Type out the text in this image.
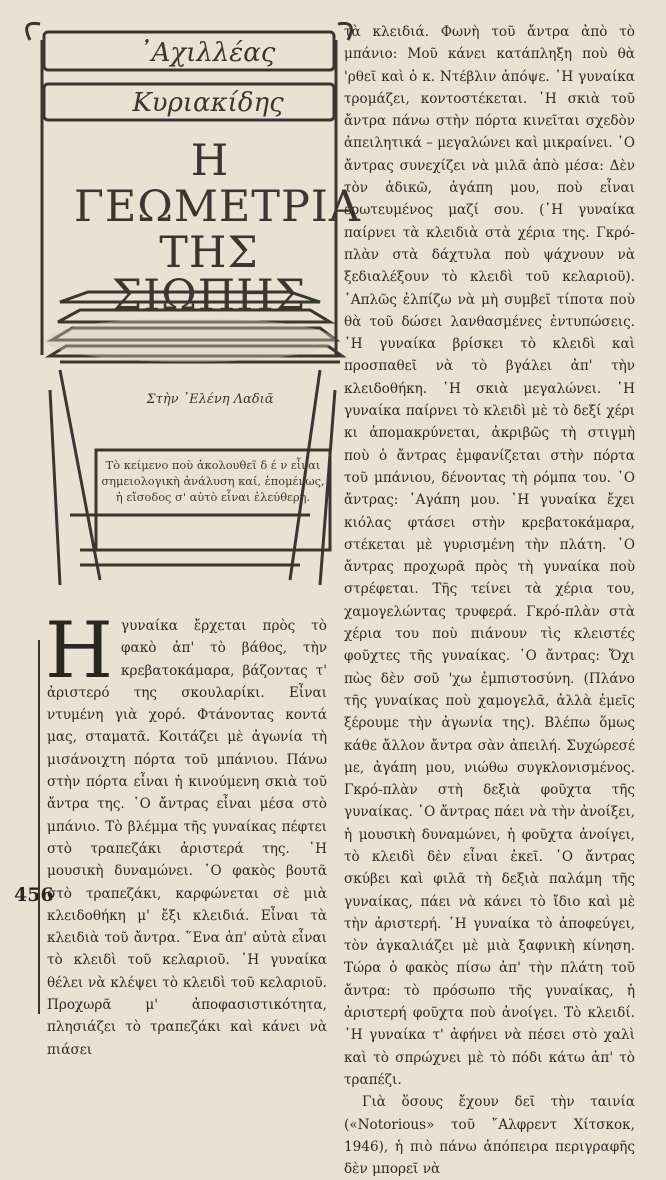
᾿Αχιλλέας
Κυριακίδης
Η
ΓΕΩΜΕΤΡΙΑ
ΤΗΣ ΣΙΩΠΗΣ
Στὴν ᾿Ελένη Λαδιᾶ
Τὸ κείμενο ποὺ ἀκολουθεῖ δ έ ν εἶναι σημειολογικὴ ἀνάλυση καί, ἑπομένως, ἡ εἴσοδος σ' αὐτὸ εἶναι ἐλεύθερη.

Ηγυναίκα ἔρχεται πρὸς τὸ φακὸ ἀπ' τὸ βάθος, τὴν κρεβατοκάμαρα, βάζοντας τ' ἀριστερό της σκουλαρίκι. Εἶναι ντυμένη γιὰ χορό. Φτάνοντας κοντά μας, σταματᾶ. Κοιτάζει μὲ ἀγωνία τὴ μισάνοιχτη πόρτα τοῦ μπάνιου. Πάνω στὴν πόρτα εἶναι ἡ κινούμενη σκιὰ τοῦ ἄντρα της. ῾Ο ἄντρας εἶναι μέσα στὸ μπάνιο. Τὸ βλέμμα τῆς γυναίκας πέφτει στὸ τραπεζάκι ἀριστερά της. ῾Η μουσικὴ δυναμώνει. ῾Ο φακὸς βουτᾶ στὸ τραπεζάκι, καρφώνεται σὲ μιὰ κλειδοθήκη μ' ἔξι κλειδιά. Εἶναι τὰ κλειδιὰ τοῦ ἄντρα. ῞Ενα ἀπ' αὐτὰ εἶναι τὸ κλειδὶ τοῦ κελαριοῦ. ῾Η γυναίκα θέλει νὰ κλέψει τὸ κλειδὶ τοῦ κελαριοῦ. Προχωρᾶ μ' ἀποφασιστικότητα, πλησιάζει τὸ τραπεζάκι καὶ κάνει νὰ πιάσει

τὰ κλειδιά. Φωνὴ τοῦ ἄντρα ἀπὸ τὸ μπάνιο: Μοῦ κάνει κατάπληξη ποὺ θὰ 'ρθεῖ καὶ ὁ κ. Ντέβλιν ἀπόψε. ῾Η γυναίκα τρομάζει, κοντοστέκεται. ῾Η σκιὰ τοῦ ἄντρα πάνω στὴν πόρτα κινεῖται σχεδὸν ἀπειλητικά – μεγαλώνει καὶ μικραίνει. ῾Ο ἄντρας συνεχίζει νὰ μιλᾶ ἀπὸ μέσα: Δὲν τὸν ἀδικῶ, ἀγάπη μου, ποὺ εἶναι ἐρωτευμένος μαζί σου. (῾Η γυναίκα παίρνει τὰ κλειδιὰ στὰ χέρια της. Γκρό-πλὰν στὰ δάχτυλα ποὺ ψάχνουν νὰ ξεδιαλέξουν τὸ κλειδὶ τοῦ κελαριοῦ). ᾿Απλῶς ἐλπίζω νὰ μὴ συμβεῖ τίποτα ποὺ θὰ τοῦ δώσει λανθασμένες ἐντυπώσεις. ῾Η γυναίκα βρίσκει τὸ κλειδὶ καὶ προσπαθεῖ νὰ τὸ βγάλει ἀπ' τὴν κλειδοθήκη. ῾Η σκιὰ μεγαλώνει. ῾Η γυναίκα παίρνει τὸ κλειδὶ μὲ τὸ δεξί χέρι κι ἀπομακρύνεται, ἀκριβῶς τὴ στιγμὴ ποὺ ὁ ἄντρας ἐμφανίζεται στὴν πόρτα τοῦ μπάνιου, δένοντας τὴ ρόμπα του. ῾Ο ἄντρας: ᾿Αγάπη μου. ῾Η γυναίκα ἔχει κιόλας φτάσει στὴν κρεβατοκάμαρα, στέκεται μὲ γυρισμένη τὴν πλάτη. ῾Ο ἄντρας προχωρᾶ πρὸς τὴ γυναίκα ποὺ στρέφεται. Τῆς τείνει τὰ χέρια του, χαμογελώντας τρυφερά. Γκρό-πλὰν στὰ χέρια του ποὺ πιάνουν τὶς κλειστές φοῦχτες τῆς γυναίκας. ῾Ο ἄντρας: Ὄχι πὼς δὲν σοῦ 'χω ἐμπιστοσύνη. (Πλάνο τῆς γυναίκας ποὺ χαμογελᾶ, ἀλλὰ ἐμεῖς ξέρουμε τὴν ἀγωνία της). Βλέπω ὅμως κάθε ἄλλον ἄντρα σὰν ἀπειλή. Συχώρεσέ με, ἀγάπη μου, νιώθω συγκλονισμένος. Γκρό-πλὰν στὴ δεξιὰ φοῦχτα τῆς γυναίκας. ῾Ο ἄντρας πάει νὰ τὴν ἀνοίξει, ἡ μουσικὴ δυναμώνει, ἡ φοῦχτα ἀνοίγει, τὸ κλειδὶ δὲν εἶναι ἐκεῖ. ῾Ο ἄντρας σκύβει καὶ φιλᾶ τὴ δεξιὰ παλάμη τῆς γυναίκας, πάει νὰ κάνει τὸ ἴδιο καὶ μὲ τὴν ἀριστερή. ῾Η γυναίκα τὸ ἀποφεύγει, τὸν ἀγκαλιάζει μὲ μιὰ ξαφνικὴ κίνηση. Τώρα ὁ φακὸς πίσω ἀπ' τὴν πλάτη τοῦ ἄντρα: τὸ πρόσωπο τῆς γυναίκας, ἡ ἀριστερή φοῦχτα ποὺ ἀνοίγει. Τὸ κλειδί. ῾Η γυναίκα τ' ἀφήνει νὰ πέσει στὸ χαλὶ καὶ τὸ σπρώχνει μὲ τὸ πόδι κάτω ἀπ' τὸ τραπέζι.

Γιὰ ὅσους ἔχουν δεῖ τὴν ταινία («Notorious» τοῦ ῎Αλφρεντ Χίτσκοκ, 1946), ἡ πιὸ πάνω ἀπόπειρα περιγραφῆς δὲν μπορεῖ νὰ

456
